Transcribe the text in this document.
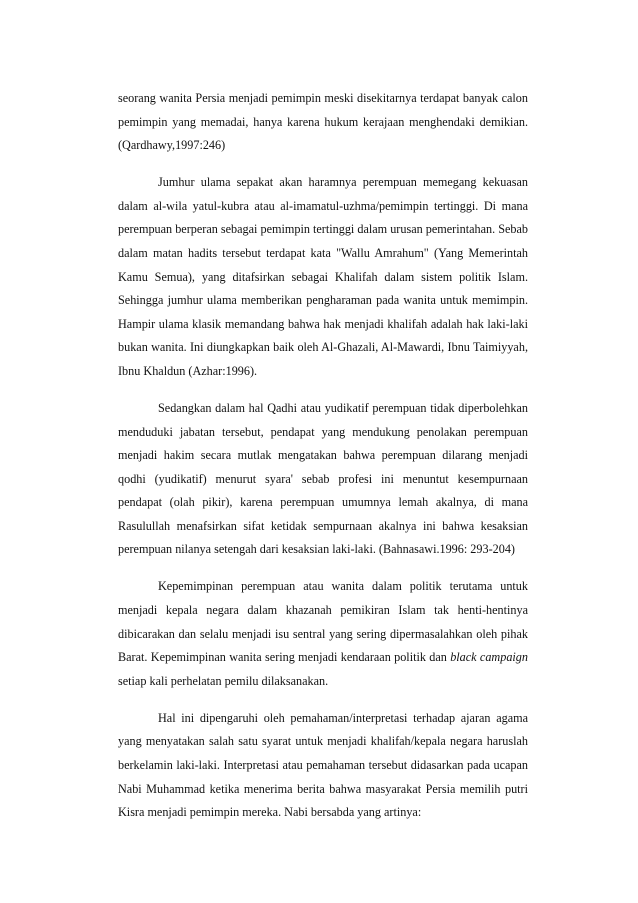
seorang wanita Persia menjadi pemimpin meski disekitarnya terdapat banyak calon pemimpin yang memadai, hanya karena hukum kerajaan menghendaki demikian. (Qardhawy,1997:246)

Jumhur ulama sepakat akan haramnya perempuan memegang kekuasan dalam al-wila yatul-kubra atau al-imamatul-uzhma/pemimpin tertinggi. Di mana perempuan berperan sebagai pemimpin tertinggi dalam urusan pemerintahan. Sebab dalam matan hadits tersebut terdapat kata "Wallu Amrahum" (Yang Memerintah Kamu Semua), yang ditafsirkan sebagai Khalifah dalam sistem politik Islam. Sehingga jumhur ulama memberikan pengharaman pada wanita untuk memimpin. Hampir ulama klasik memandang bahwa hak menjadi khalifah adalah hak laki-laki bukan wanita. Ini diungkapkan baik oleh Al-Ghazali, Al-Mawardi, Ibnu Taimiyyah, Ibnu Khaldun (Azhar:1996).

Sedangkan dalam hal Qadhi atau yudikatif perempuan tidak diperbolehkan menduduki jabatan tersebut, pendapat yang mendukung penolakan perempuan menjadi hakim secara mutlak mengatakan bahwa perempuan dilarang menjadi qodhi (yudikatif) menurut syara' sebab profesi ini menuntut kesempurnaan pendapat (olah pikir), karena perempuan umumnya lemah akalnya, di mana Rasulullah menafsirkan sifat ketidak sempurnaan akalnya ini bahwa kesaksian perempuan nilanya setengah dari kesaksian laki-laki. (Bahnasawi.1996: 293-204)

Kepemimpinan perempuan atau wanita dalam politik terutama untuk menjadi kepala negara dalam khazanah pemikiran Islam tak henti-hentinya dibicarakan dan selalu menjadi isu sentral yang sering dipermasalahkan oleh pihak Barat. Kepemimpinan wanita sering menjadi kendaraan politik dan black campaign setiap kali perhelatan pemilu dilaksanakan.

Hal ini dipengaruhi oleh pemahaman/interpretasi terhadap ajaran agama yang menyatakan salah satu syarat untuk menjadi khalifah/kepala negara haruslah berkelamin laki-laki. Interpretasi atau pemahaman tersebut didasarkan pada ucapan Nabi Muhammad ketika menerima berita bahwa masyarakat Persia memilih putri Kisra menjadi pemimpin mereka. Nabi bersabda yang artinya:
